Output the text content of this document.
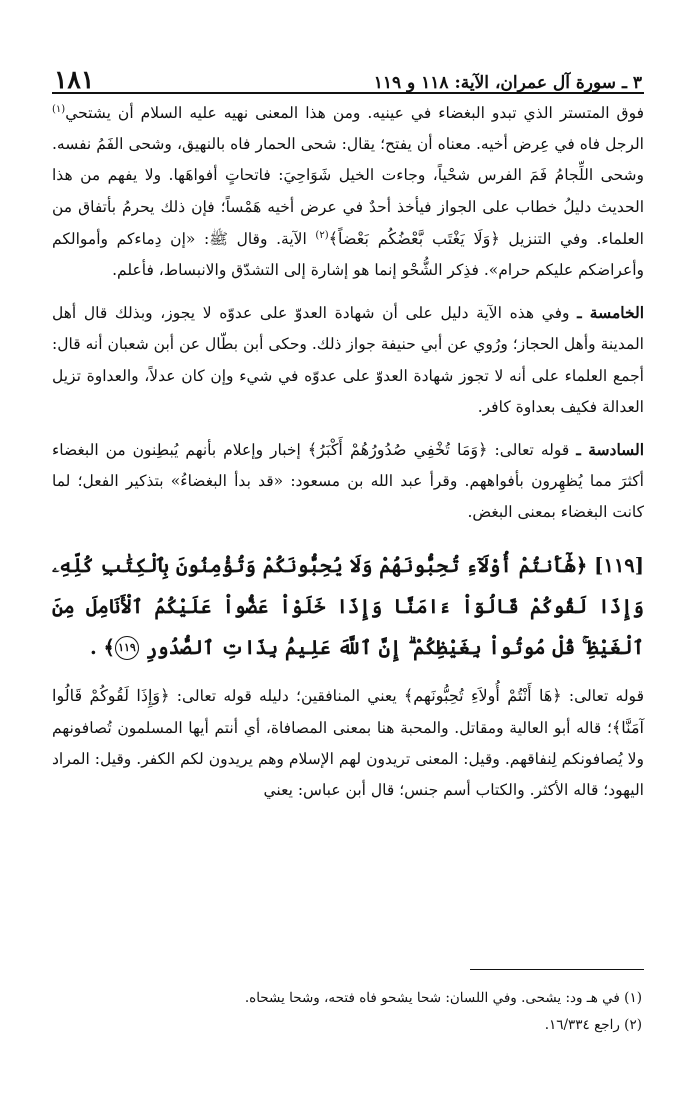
٣ ـ سورة آل عمران، الآية: ١١٨ و ١١٩
١٨١

فوق المتستر الذي تبدو البغضاء في عينيه. ومن هذا المعنى نهيه عليه السلام أن يشتحي$^{(١)}$ الرجل فاه في عِرض أخيه. معناه أن يفتح؛ يقال: شحى الحمار فاه بالنهيق، وشحى الفَمُ نفسه. وشحى اللِّجامُ فَمَ الفرس شحْياً، وجاءت الخيل شَوَاحِيَ: فاتحاتٍ أفواهَها. ولا يفهم من هذا الحديث دليلُ خطاب على الجواز فيأخذ أحدٌ في عرض أخيه هَمْساً؛ فإن ذلك يحرمُ بأتفاق من العلماء. وفي التنزيل ﴿وَلَا يَغْتَب بَّعْضُكُم بَعْضاً﴾$^{(٢)}$ الآية. وقال ﷺ: «إن دِماءكم وأموالكم وأعراضكم عليكم حرام». فذِكر الشُّحْو إنما هو إشارة إلى التشدّق والانبساط، فأعلم.

الخامسة ـ وفي هذه الآية دليل على أن شهادة العدوّ على عدوّه لا يجوز، وبذلك قال أهل المدينة وأهل الحجاز؛ ورُوي عن أبي حنيفة جواز ذلك. وحكى أبن بطّال عن أبن شعبان أنه قال: أجمع العلماء على أنه لا تجوز شهادة العدوّ على عدوّه في شيء وإن كان عدلاً، والعداوة تزيل العدالة فكيف بعداوة كافر.

السادسة ـ قوله تعالى: ﴿وَمَا تُخْفِي صُدُورُهُمْ أَكْبَرُ﴾ إخبار وإعلام بأنهم يُبطِنون من البغضاء أكثرَ مما يُظهِرون بأفواههم. وقرأ عبد الله بن مسعود: «قد بدأ البغضاءُ» بتذكير الفعل؛ لما كانت البغضاء بمعنى البغض.

[١١٩] ﴿هَٰٓأَنتُمْ أُوْلَآءِ تُحِبُّونَهُمْ وَلَا يُحِبُّونَكُمْ وَتُؤْمِنُونَ بِٱلْكِتَٰبِ كُلِّهِۦ وَإِذَا لَقُوكُمْ قَالُوٓاْ ءَامَنَّا وَإِذَا خَلَوْاْ عَضُّواْ عَلَيْكُمُ ٱلْأَنَامِلَ مِنَ ٱلْغَيْظِ ۚ قُلْ مُوتُواْ بِغَيْظِكُمْ ۗ إِنَّ ٱللَّهَ عَلِيمُۢ بِذَاتِ ٱلصُّدُورِ ١١٩﴾ .

قوله تعالى: ﴿هَا أَنْتُمْ أُولاَءِ تُحِبُّونَهم﴾ يعني المنافقين؛ دليله قوله تعالى: ﴿وَإِذَا لَقُوكُمْ قَالُوا آمَنَّا﴾؛ قاله أبو العالية ومقاتل. والمحبة هنا بمعنى المصافاة، أي أنتم أيها المسلمون تُصافونهم ولا يُصافونكم لِنفاقهم. وقيل: المعنى تريدون لهم الإسلام وهم يريدون لكم الكفر. وقيل: المراد اليهود؛ قاله الأكثر. والكتاب أسم جنس؛ قال أبن عباس: يعني

(١) في هـ ود: يشحى. وفي اللسان: شحا يشحو فاه فتحه، وشحا يشحاه.

(٢) راجع ١٦/٣٣٤.
